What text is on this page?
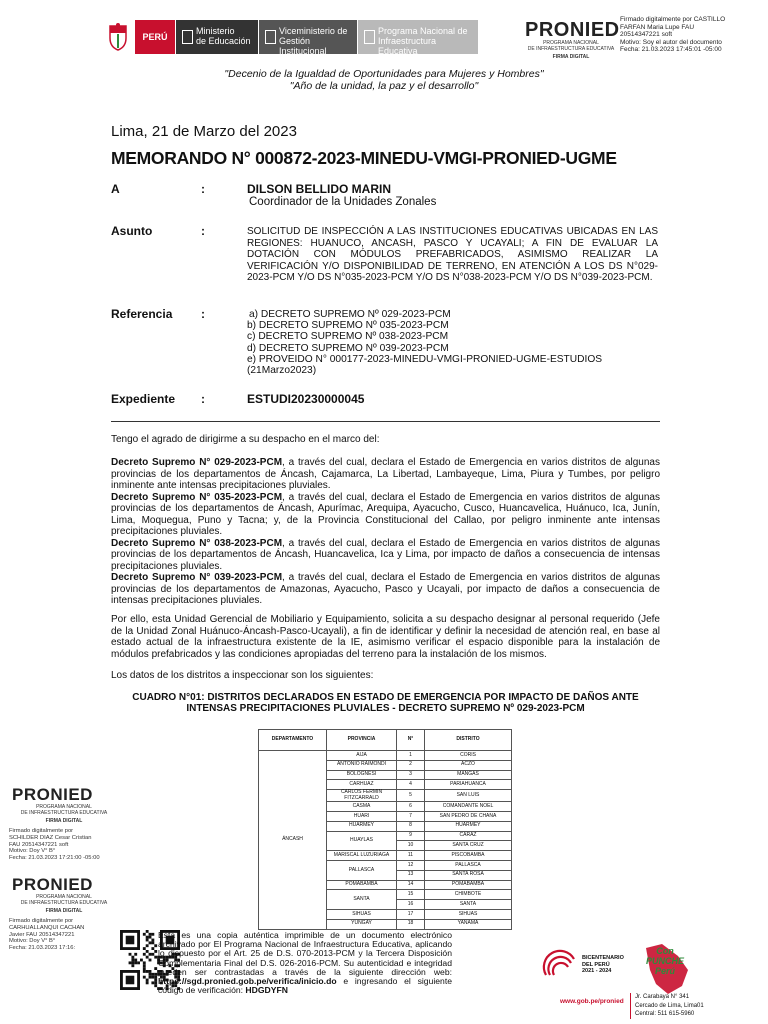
PERÚ
Ministerio
de Educación
Viceministerio de
Gestión Institucional
Programa Nacional de
Infraestructura Educativa
PRONIED
PROGRAMA NACIONAL
DE INFRAESTRUCTURA EDUCATIVA
FIRMA DIGITAL
Firmado digitalmente por CASTILLO
FARFAN Maria Lupe FAU
20514347221 soft
Motivo: Soy el autor del documento
Fecha: 21.03.2023 17:45:01 -05:00
"Decenio de la Igualdad de Oportunidades para Mujeres y Hombres"
"Año de la unidad, la paz y el desarrollo"
Lima, 21 de Marzo del 2023
MEMORANDO N° 000872-2023-MINEDU-VMGI-PRONIED-UGME
A	:	DILSON BELLIDO MARIN
Coordinador de la Unidades Zonales
Asunto	:	SOLICITUD DE INSPECCIÓN A LAS INSTITUCIONES EDUCATIVAS UBICADAS EN LAS REGIONES: HUANUCO, ANCASH, PASCO Y UCAYALI; A FIN DE EVALUAR LA DOTACIÓN CON MÓDULOS PREFABRICADOS, ASIMISMO REALIZAR LA VERIFICACIÓN Y/O DISPONIBILIDAD DE TERRENO, EN ATENCIÓN A LOS DS N°029-2023-PCM Y/O DS N°035-2023-PCM Y/O DS N°038-2023-PCM Y/O DS N°039-2023-PCM.
Referencia :	a) DECRETO SUPREMO Nº 029-2023-PCM
b) DECRETO SUPREMO Nº 035-2023-PCM
c) DECRETO SUPREMO Nº 038-2023-PCM
d) DECRETO SUPREMO Nº 039-2023-PCM
e) PROVEIDO N° 000177-2023-MINEDU-VMGI-PRONIED-UGME-ESTUDIOS
(21Marzo2023)
Expediente :	ESTUDI20230000045
Tengo el agrado de dirigirme a su despacho en el marco del:
Decreto Supremo N° 029-2023-PCM, a través del cual, declara el Estado de Emergencia en varios distritos de algunas provincias de los departamentos de Áncash, Cajamarca, La Libertad, Lambayeque, Lima, Piura y Tumbes, por peligro inminente ante intensas precipitaciones pluviales.
Decreto Supremo N° 035-2023-PCM, a través del cual, declara el Estado de Emergencia en varios distritos de algunas provincias de los departamentos de Áncash, Apurímac, Arequipa, Ayacucho, Cusco, Huancavelica, Huánuco, Ica, Junín, Lima, Moquegua, Puno y Tacna; y, de la Provincia Constitucional del Callao, por peligro inminente ante intensas precipitaciones pluviales.
Decreto Supremo N° 038-2023-PCM, a través del cual, declara el Estado de Emergencia en varios distritos de algunas provincias de los departamentos de Áncash, Huancavelica, Ica y Lima, por impacto de daños a consecuencia de intensas precipitaciones pluviales.
Decreto Supremo N° 039-2023-PCM, a través del cual, declara el Estado de Emergencia en varios distritos de algunas provincias de los departamentos de Amazonas, Ayacucho, Pasco y Ucayali, por impacto de daños a consecuencia de intensas precipitaciones pluviales.
Por ello, esta Unidad Gerencial de Mobiliario y Equipamiento, solicita a su despacho designar al personal requerido (Jefe de la Unidad Zonal Huánuco-Áncash-Pasco-Ucayali), a fin de identificar y definir la necesidad de atención real, en base al estado actual de la infraestructura existente de la IE, asimismo verificar el espacio disponible para la instalación de módulos prefabricados y las condiciones apropiadas del terreno para la instalación de los mismos.
Los datos de los distritos a inspeccionar son los siguientes:
CUADRO N°01: DISTRITOS DECLARADOS EN ESTADO DE EMERGENCIA POR IMPACTO DE DAÑOS ANTE
INTENSAS PRECIPITACIONES PLUVIALES - DECRETO SUPREMO Nº 029-2023-PCM
DEPARTAMENTO	PROVINCIA	N°	DISTRITO
ÁNCASH	AIJA	1	CORIS
	ANTONIO RAIMONDI	2	ACZO
	BOLOGNESI	3	MANGAS
	CARHUAZ	4	PARIAHUANCA
	CARLOS FERMIN FITZCARRALD	5	SAN LUIS
	CASMA	6	COMANDANTE NOEL
	HUARI	7	SAN PEDRO DE CHANA
	HUARMEY	8	HUARMEY
	HUAYLAS	9	CARAZ
		10	SANTA CRUZ
	MARISCAL LUZURIAGA	11	PISCOBAMBA
	PALLASCA	12	PALLASCA
		13	SANTA ROSA
	POMABAMBA	14	POMABAMBA
	SANTA	15	CHIMBOTE
		16	SANTA
	SIHUAS	17	SIHUAS
	YUNGAY	18	YANAMA
PRONIED
PROGRAMA NACIONAL
DE INFRAESTRUCTURA EDUCATIVA
FIRMA DIGITAL
Firmado digitalmente por
SCHILDER DIAZ Cesar Cristian
FAU 20514347221 soft
Motivo: Doy V° B°
Fecha: 21.03.2023 17:21:00 -05:00
PRONIED
PROGRAMA NACIONAL
DE INFRAESTRUCTURA EDUCATIVA
FIRMA DIGITAL
Firmado digitalmente por
CARHUALLANQUI CACHAN
Javier FAU 20514347221
Motivo: Doy V° B°
Fecha: 21.03.2023 17:16:
Esta es una copia auténtica imprimible de un documento electrónico archivado por El Programa Nacional de Infraestructura Educativa, aplicando lo dispuesto por el Art. 25 de D.S. 070-2013-PCM y la Tercera Disposición Complementaria Final del D.S. 026-2016-PCM. Su autenticidad e integridad pueden ser contrastadas a través de la siguiente dirección web: https://sgd.pronied.gob.pe/verifica/inicio.do e ingresando el siguiente código de verificación: HDGDYFN
BICENTENARIO
DEL PERÚ
2021 - 2024
Con
PUNCHE
Perú
www.gob.pe/pronied
Jr. Carabaya N° 341
Cercado de Lima, Lima01
Central: 511 615-5960
